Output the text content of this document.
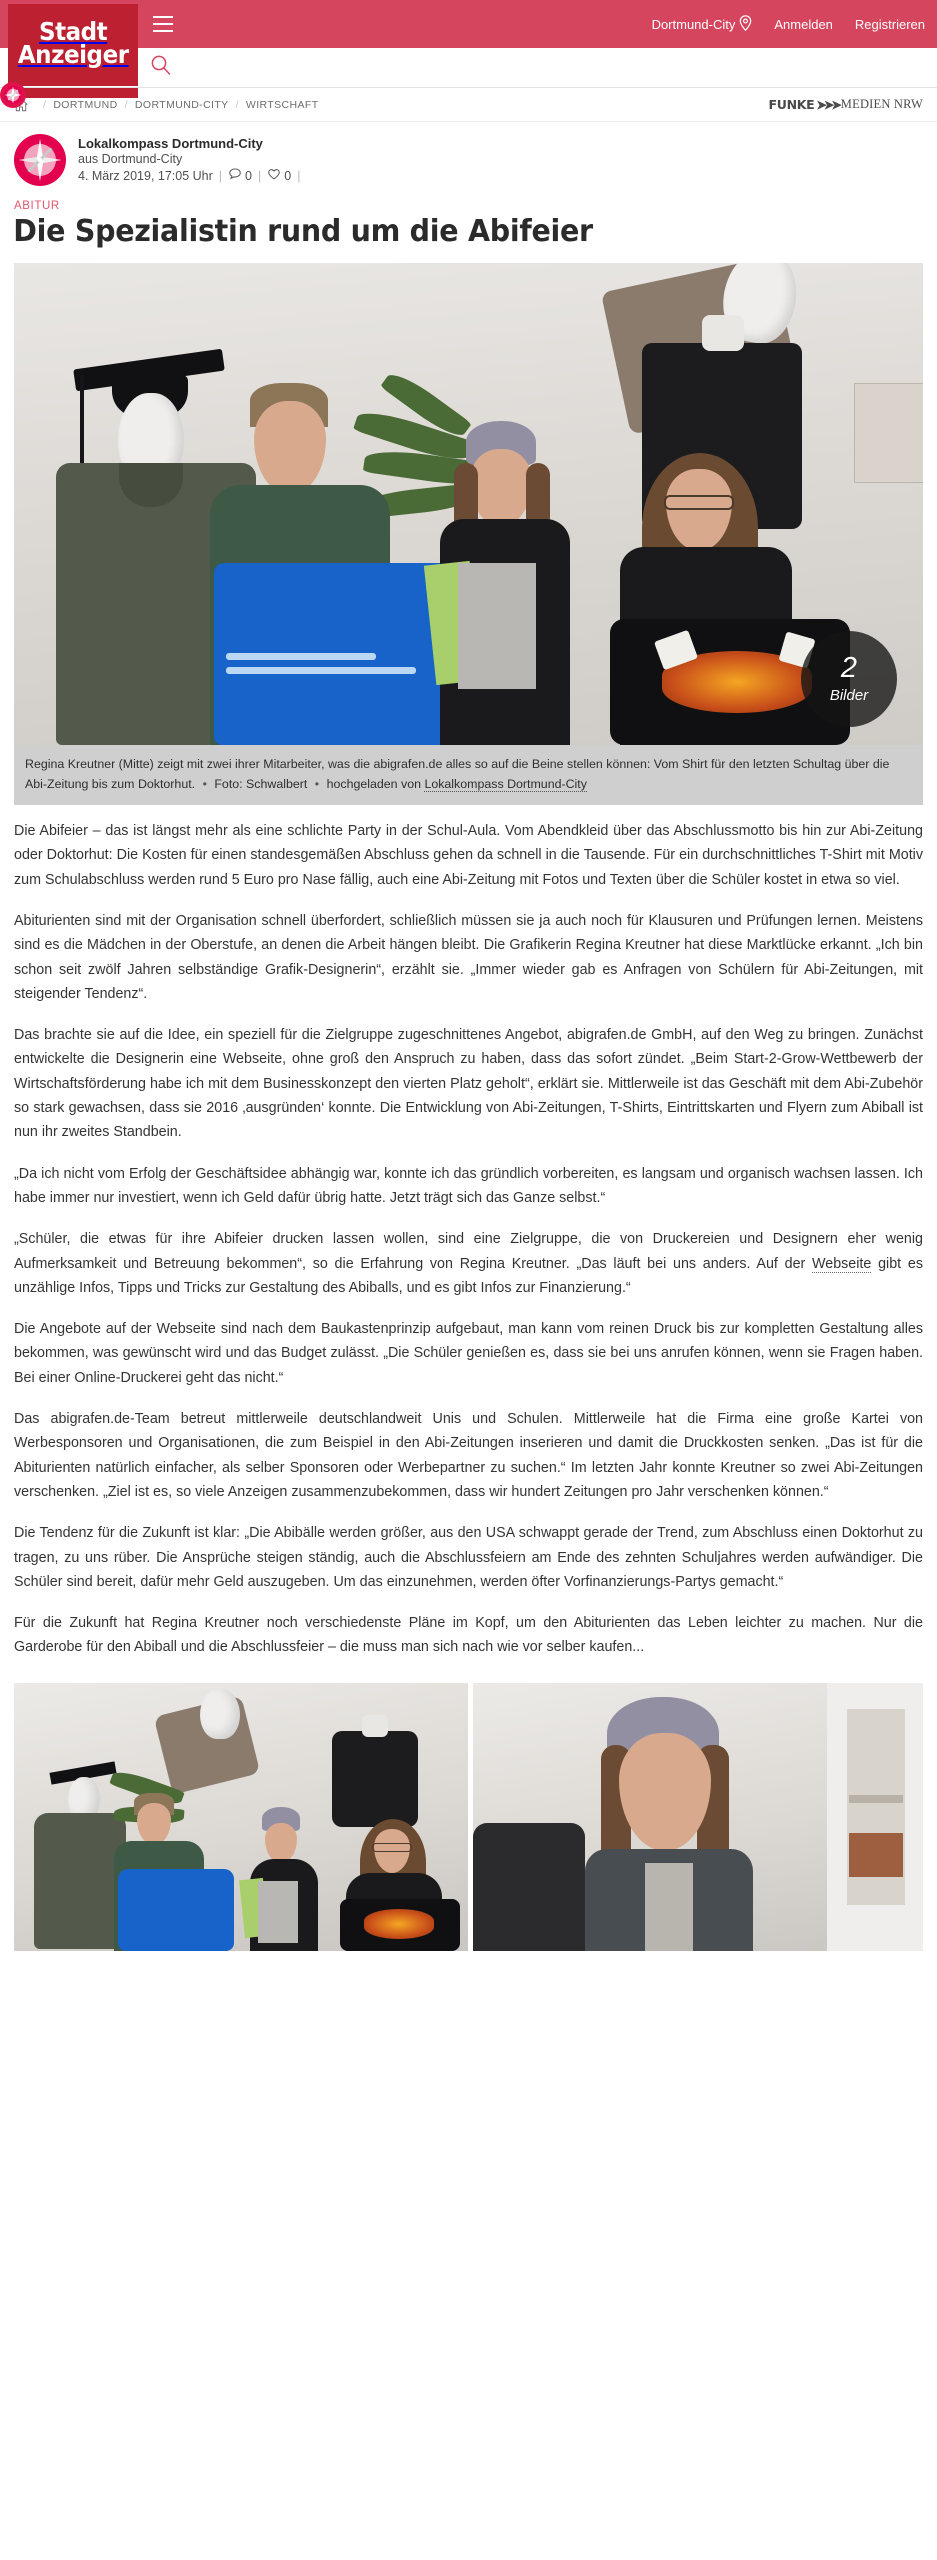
Stadt
Anzeiger
Dortmund-City	Anmelden Registrieren
/ DORTMUND / DORTMUND-CITY / WIRTSCHAFT	FUNKE ➤➤➤ MEDIEN NRW
Lokalkompass Dortmund-City
aus Dortmund-City
4. März 2019, 17:05 Uhr | 0 | 0 |
ABITUR
Die Spezialistin rund um die Abifeier
2
Bilder
Regina Kreutner (Mitte) zeigt mit zwei ihrer Mitarbeiter, was die abigrafen.de alles so auf die Beine stellen können: Vom Shirt für den letzten Schultag über die Abi-Zeitung bis zum Doktorhut. • Foto: Schwalbert • hochgeladen von Lokalkompass Dortmund-City

Die Abifeier – das ist längst mehr als eine schlichte Party in der Schul-Aula. Vom Abendkleid über das Abschlussmotto bis hin zur Abi-Zeitung oder Doktorhut: Die Kosten für einen standesgemäßen Abschluss gehen da schnell in die Tausende. Für ein durchschnittliches T-Shirt mit Motiv zum Schulabschluss werden rund 5 Euro pro Nase fällig, auch eine Abi-Zeitung mit Fotos und Texten über die Schüler kostet in etwa so viel.

Abiturienten sind mit der Organisation schnell überfordert, schließlich müssen sie ja auch noch für Klausuren und Prüfungen lernen. Meistens sind es die Mädchen in der Oberstufe, an denen die Arbeit hängen bleibt. Die Grafikerin Regina Kreutner hat diese Marktlücke erkannt. „Ich bin schon seit zwölf Jahren selbständige Grafik-Designerin“, erzählt sie. „Immer wieder gab es Anfragen von Schülern für Abi-Zeitungen, mit steigender Tendenz“.

Das brachte sie auf die Idee, ein speziell für die Zielgruppe zugeschnittenes Angebot, abigrafen.de GmbH, auf den Weg zu bringen. Zunächst entwickelte die Designerin eine Webseite, ohne groß den Anspruch zu haben, dass das sofort zündet. „Beim Start-2-Grow-Wettbewerb der Wirtschaftsförderung habe ich mit dem Businesskonzept den vierten Platz geholt“, erklärt sie. Mittlerweile ist das Geschäft mit dem Abi-Zubehör so stark gewachsen, dass sie 2016 ‚ausgründen‘ konnte. Die Entwicklung von Abi-Zeitungen, T-Shirts, Eintrittskarten und Flyern zum Abiball ist nun ihr zweites Standbein.

„Da ich nicht vom Erfolg der Geschäftsidee abhängig war, konnte ich das gründlich vorbereiten, es langsam und organisch wachsen lassen. Ich habe immer nur investiert, wenn ich Geld dafür übrig hatte. Jetzt trägt sich das Ganze selbst.“

„Schüler, die etwas für ihre Abifeier drucken lassen wollen, sind eine Zielgruppe, die von Druckereien und Designern eher wenig Aufmerksamkeit und Betreuung bekommen“, so die Erfahrung von Regina Kreutner. „Das läuft bei uns anders. Auf der Webseite gibt es unzählige Infos, Tipps und Tricks zur Gestaltung des Abiballs, und es gibt Infos zur Finanzierung.“

Die Angebote auf der Webseite sind nach dem Baukastenprinzip aufgebaut, man kann vom reinen Druck bis zur kompletten Gestaltung alles bekommen, was gewünscht wird und das Budget zulässt. „Die Schüler genießen es, dass sie bei uns anrufen können, wenn sie Fragen haben. Bei einer Online-Druckerei geht das nicht.“

Das abigrafen.de-Team betreut mittlerweile deutschlandweit Unis und Schulen. Mittlerweile hat die Firma eine große Kartei von Werbesponsoren und Organisationen, die zum Beispiel in den Abi-Zeitungen inserieren und damit die Druckkosten senken. „Das ist für die Abiturienten natürlich einfacher, als selber Sponsoren oder Werbepartner zu suchen.“ Im letzten Jahr konnte Kreutner so zwei Abi-Zeitungen verschenken. „Ziel ist es, so viele Anzeigen zusammenzubekommen, dass wir hundert Zeitungen pro Jahr verschenken können.“

Die Tendenz für die Zukunft ist klar: „Die Abibälle werden größer, aus den USA schwappt gerade der Trend, zum Abschluss einen Doktorhut zu tragen, zu uns rüber. Die Ansprüche steigen ständig, auch die Abschlussfeiern am Ende des zehnten Schuljahres werden aufwändiger. Die Schüler sind bereit, dafür mehr Geld auszugeben. Um das einzunehmen, werden öfter Vorfinanzierungs-Partys gemacht.“

Für die Zukunft hat Regina Kreutner noch verschiedenste Pläne im Kopf, um den Abiturienten das Leben leichter zu machen. Nur die Garderobe für den Abiball und die Abschlussfeier – die muss man sich nach wie vor selber kaufen...
